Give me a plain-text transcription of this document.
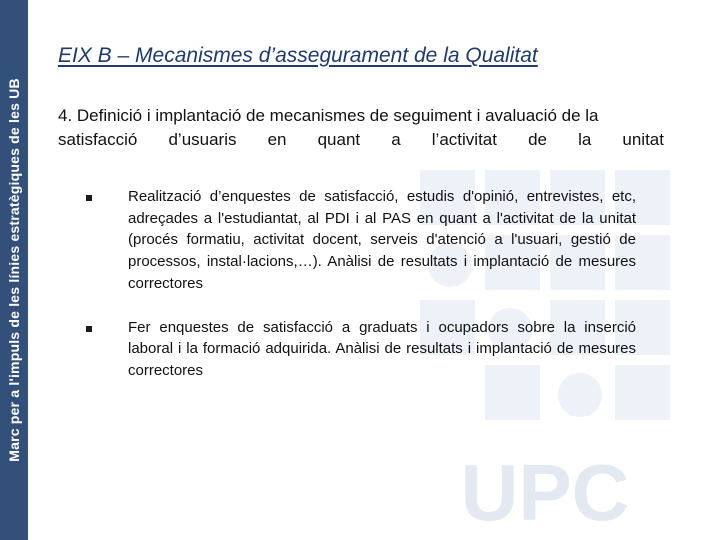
UPC
Marc per a l'impuls de les línies estratègiques de les UB
EIX B – Mecanismes d’assegurament de la Qualitat
4. Definició i implantació de mecanismes de seguiment i avaluació de la
satisfacció d’usuaris en quant a l’activitat de la unitat
Realització d’enquestes de satisfacció, estudis d'opinió, entrevistes, etc, adreçades a l'estudiantat, al PDI i al PAS en quant a l'activitat de la unitat (procés formatiu, activitat docent, serveis d'atenció a l'usuari, gestió de processos, instal·lacions,…). Anàlisi de resultats i implantació de mesures correctores
Fer enquestes de satisfacció a graduats i ocupadors sobre la inserció laboral i la formació adquirida. Anàlisi de resultats i implantació de mesures correctores
